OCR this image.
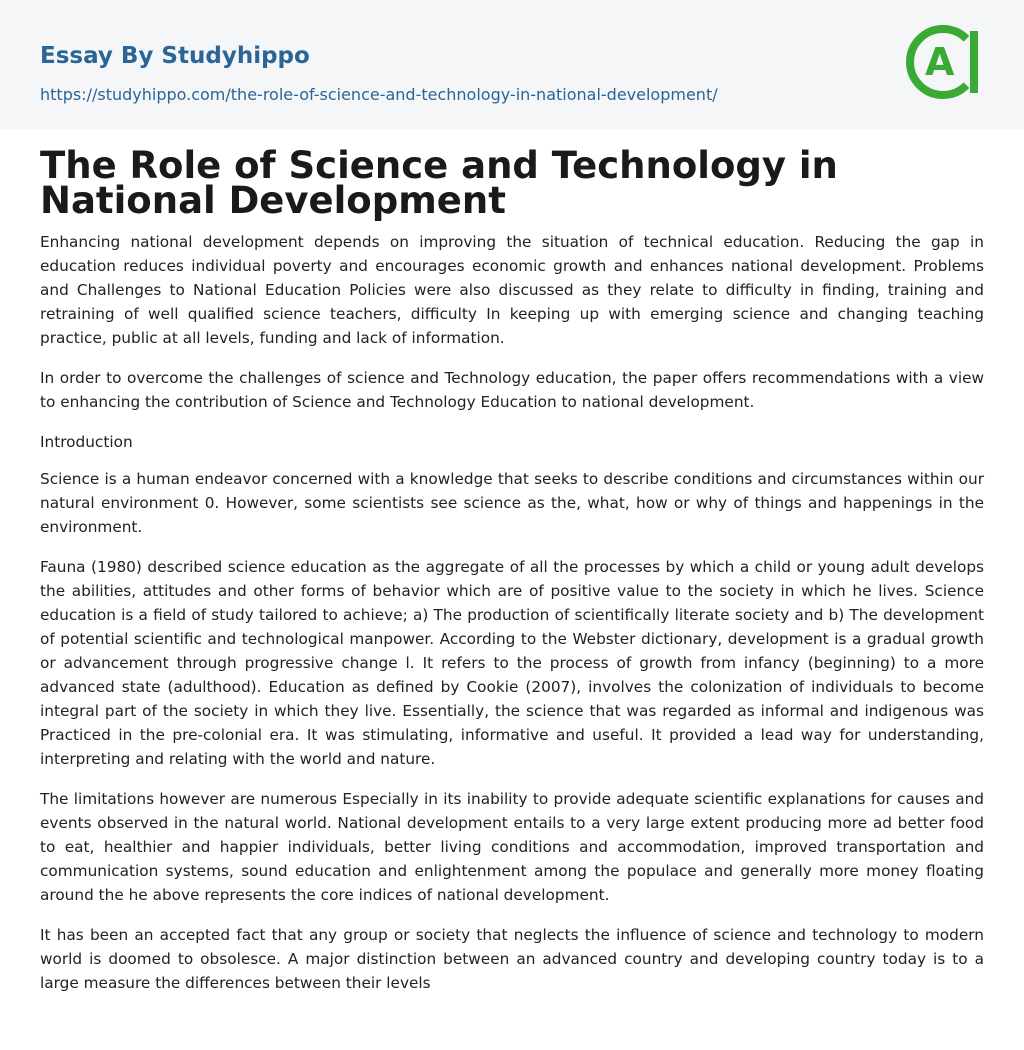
Essay By Studyhippo
https://studyhippo.com/the-role-of-science-and-technology-in-national-development/
A
The Role of Science and Technology in National Development

Enhancing national development depends on improving the situation of technical education. Reducing the gap in education reduces individual poverty and encourages economic growth and enhances national development. Problems and Challenges to National Education Policies were also discussed as they relate to difficulty in finding, training and retraining of well qualified science teachers, difficulty In keeping up with emerging science and changing teaching practice, public at all levels, funding and lack of information.

In order to overcome the challenges of science and Technology education, the paper offers recommendations with a view to enhancing the contribution of Science and Technology Education to national development.

Introduction

Science is a human endeavor concerned with a knowledge that seeks to describe conditions and circumstances within our natural environment 0. However, some scientists see science as the, what, how or why of things and happenings in the environment.

Fauna (1980) described science education as the aggregate of all the processes by which a child or young adult develops the abilities, attitudes and other forms of behavior which are of positive value to the society in which he lives. Science education is a field of study tailored to achieve; a) The production of scientifically literate society and b) The development of potential scientific and technological manpower. According to the Webster dictionary, development is a gradual growth or advancement through progressive change l. It refers to the process of growth from infancy (beginning) to a more advanced state (adulthood). Education as defined by Cookie (2007), involves the colonization of individuals to become integral part of the society in which they live. Essentially, the science that was regarded as informal and indigenous was Practiced in the pre-colonial era. It was stimulating, informative and useful. It provided a lead way for understanding, interpreting and relating with the world and nature.

The limitations however are numerous Especially in its inability to provide adequate scientific explanations for causes and events observed in the natural world. National development entails to a very large extent producing more ad better food to eat, healthier and happier individuals, better living conditions and accommodation, improved transportation and communication systems, sound education and enlightenment among the populace and generally more money floating around the he above represents the core indices of national development.

It has been an accepted fact that any group or society that neglects the influence of science and technology to modern world is doomed to obsolesce. A major distinction between an advanced country and developing country today is to a large measure the differences between their levels
